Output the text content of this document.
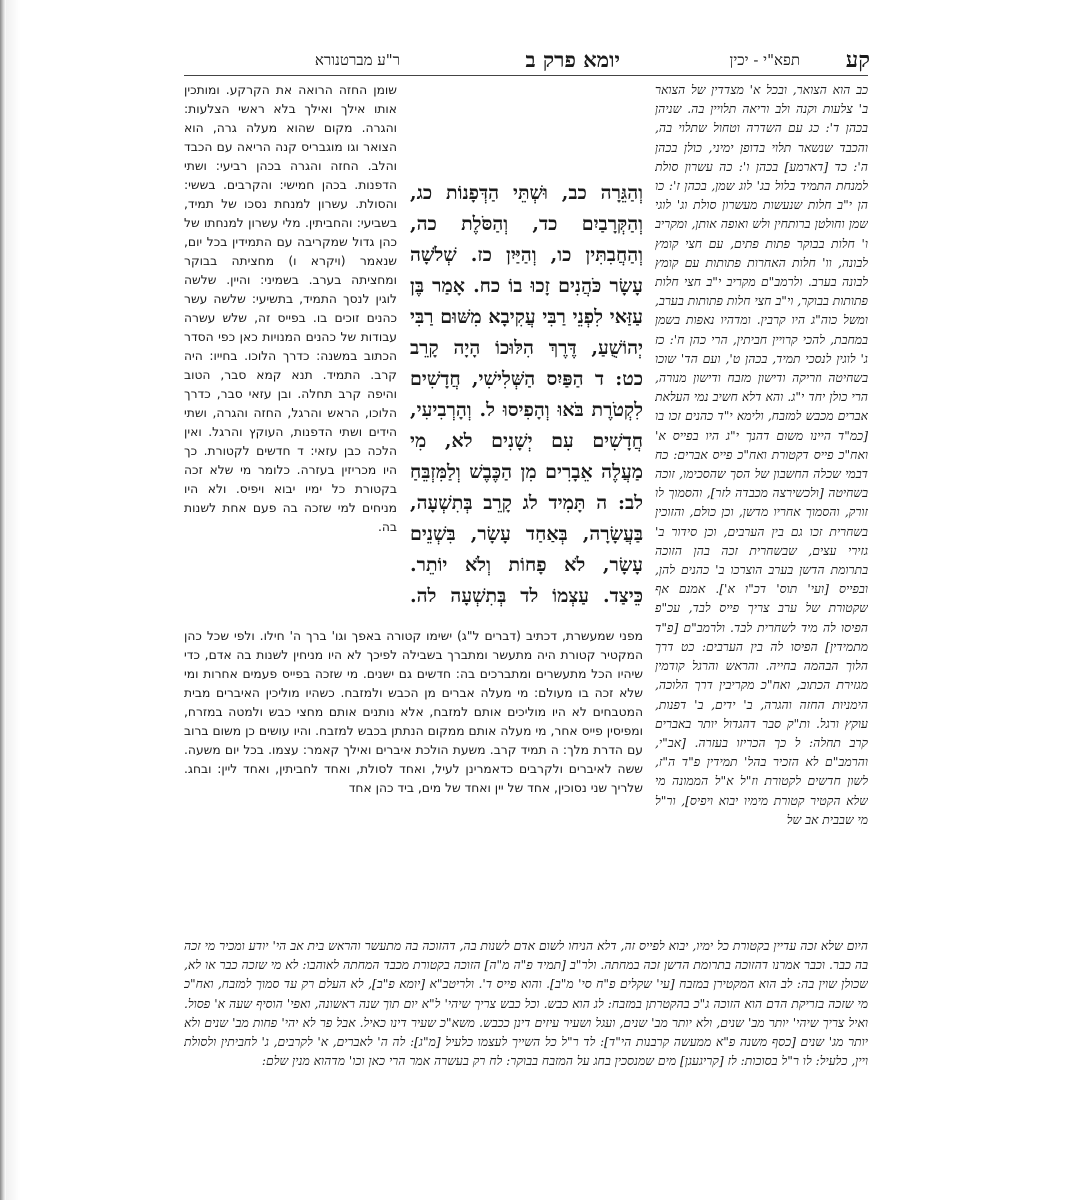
קע
תפא"י - יכין
יומא פרק ב
ר"ע מברטנורא

כב הוא הצואר, ובכל א' מצדדין של הצואר ב' צלעות וקנה ולב וריאה תלויין בה. שניהן בכהן ד': כג עם השדרה וטחול שתלוי בה, והכבד שנשאר תלוי בדופן ימיני, כולן בכהן ה': כד [דארמע] בכהן ו': כה עשרון סולת למנחת התמיד בלול בג' לוג שמן, בכהן ז': כו הן י"ב חלות שנעשות מעשרון סולת וג' לוגי שמן וחולטן ברותחין ולש ואופה אותן, ומקריב ו' חלות בבוקר פתות פתים, עם חצי קומץ לבונה, וו' חלות האחרות פתותות עם קומץ לבונה בערב. ולרמב"ם מקריב י"ב חצי חלות פתותות בבוקר, וי"ב חצי חלות פתותות בערב, ומשל כוה"ג היו קרבין. ומדהיו נאפות בשמן במחבת, להכי קרויין חביתין, הרי כהן ח': כז ג' לוגין לנסכי תמיד, בכהן ט', ועם הד' שוכו בשחיטה וזריקה ודישון מזבח ודישון מנורה, הרי כולן יחד י"ג. והא דלא חשיב נמי העלאת אברים מכבש למזבח, ולימא י"ד כהנים זכו בו [כמ"ד היינו משום דהנך י"ג היו בפייס א' ואח"כ פייס דקטורת ואח"כ פייס אברים: כח דבמי שכלה החשבון של הסך שהסכימו, זוכה בשחיטה [ולכשירצה מכבדה לזר], והסמוך לו זורק, והסמוך אחריו מדשן, וכן כולם, והזוכין בשחרית זכו גם בין הערבים, וכן סידור ב' גזירי עצים, שבשחרית זכה בהן הזוכה בתרומת הדשן בערב הוצרכו ב' כהנים להן, ובפייס [ועי' תוס' דכ"ו א']. אמנם אף שקטורת של ערב צריך פייס לבד, עכ"פ הפיסו לה מיד לשחרית לבד. ולרמב"ם [פ"ד מתמידין] הפיסו לה בין הערבים: כט דרך הלוך הבהמה בחייה. והראש והרגל קודמין מגזירת הכתוב, ואח"כ מקריבין דרך הלוכה, הימניות החזה והגרה, ב' ידים, ב' דפנות, עוקץ ורגל. ות"ק סבר דהגדול יותר באברים קרב תחלה: ל כך הכריזו בעזרה. [אב"י, והרמב"ם לא הזכיר בהל' תמידין פ"ד ה"ז, לשון חדשים לקטורת וז"ל א"ל הממונה מי שלא הקטיר קטורת מימיו יבוא ויפיס], ור"ל מי שבבית אב של

וְהַגֵּרָה כב, וּשְׁתֵּי הַדְּפָנוֹת כג, וְהַקְּרָבַיִם כד, וְהַסֹּלֶת כה, וְהַחֲבִתִּין כו, וְהַיַּיִן כז. שְׁלֹשָׁה עָשָׂר כֹּהֲנִים זָכוּ בוֹ כח. אָמַר בֶּן עַזַּאי לִפְנֵי רַבִּי עֲקִיבָא מִשּׁוּם רַבִּי יְהוֹשֻׁעַ, דֶּרֶךְ הִלּוּכוֹ הָיָה קָרֵב כט: ד הַפַּיִס הַשְּׁלִישִׁי, חֲדָשִׁים לִקְטֹרֶת בֹּאוּ וְהָפִיסוּ ל. וְהָרְבִיעִי, חֲדָשִׁים עִם יְשָׁנִים לא, מִי מַעֲלֶה אֵבָרִים מִן הַכֶּבֶשׁ וְלַמִּזְבֵּחַ לב: ה תָּמִיד לג קָרֵב בְּתִשְׁעָה, בַּעֲשָׂרָה, בְּאַחַד עָשָׂר, בִּשְׁנֵים עָשָׂר, לֹא פָחוֹת וְלֹא יוֹתֵר. כֵּיצַד. עַצְמוֹ לד בְּתִשְׁעָה לה.

שומן החזה הרואה את הקרקע. ומותכין אותו אילך ואילך בלא ראשי הצלעות: והגרה. מקום שהוא מעלה גרה, הוא הצואר וגו מוגבריס קנה הריאה עם הכבד והלב. החזה והגרה בכהן רביעי: ושתי הדפנות. בכהן חמישי: והקרבים. בששי: והסולת. עשרון למנחת נסכו של תמיד, בשביעי: והחביתין. מלי עשרון למנחתו של כהן גדול שמקריבה עם התמידין בכל יום, שנאמר (ויקרא ו) מחציתה בבוקר ומחציתה בערב. בשמיני: והיין. שלשה לוגין לנסך התמיד, בתשיעי: שלשה עשר כהנים זוכים בו. בפייס זה, שלש עשרה עבודות של כהנים המנויות כאן כפי הסדר הכתוב במשנה: כדרך הלוכו. בחייו: היה קרב. התמיד. תנא קמא סבר, הטוב והיפה קרב תחלה. ובן עזאי סבר, כדרך הלוכו, הראש והרגל, החזה והגרה, ושתי הידים ושתי הדפנות, העוקץ והרגל. ואין הלכה כבן עזאי: ד חדשים לקטורת. כך היו מכריזין בעזרה. כלומר מי שלא זכה בקטורת כל ימיו יבוא ויפיס. ולא היו מניחים למי שזכה בה פעם אחת לשנות בה.

מפני שמעשרת, דכתיב (דברים ל"ג) ישימו קטורה באפך וגו' ברך ה' חילו. ולפי שכל כהן המקטיר קטורת היה מתעשר ומתברך בשבילה לפיכך לא היו מניחין לשנות בה אדם, כדי שיהיו הכל מתעשרים ומתברכים בה: חדשים גם ישנים. מי שזכה בפייס פעמים אחרות ומי שלא זכה בו מעולם: מי מעלה אברים מן הכבש ולמזבח. כשהיו מוליכין האיברים מבית המטבחים לא היו מוליכים אותם למזבח, אלא נותנים אותם מחצי כבש ולמטה במזרח, ומפיסין פייס אחר, מי מעלה אותם ממקום הנתתן בכבש למזבח. והיו עושים כן משום ברוב עם הדרת מלך: ה תמיד קרב. משעת הולכת איברים ואילך קאמר: עצמו. בכל יום משעה. ששה לאיברים ולקרבים כדאמרינן לעיל, ואחד לסולת, ואחד לחביתין, ואחד ליין: ובחג. שלריך שני נסוכין, אחד של יין ואחד של מים, ביד כהן אחד

היום שלא זכה עדיין בקטורת כל ימיו, יבוא לפייס זה, דלא הניחו לשום אדם לשנות בה, דהזוכה בה מתעשר והראש בית אב הי' יודע ומכיר מי זכה בה כבר. וכבר אמרנו דהזוכה בתרומת הדשן זכה במחתה. ולר"ב [תמיד פ"ה מ"ה] הזוכה בקטורת מכבד המחתה לאוהבו: לא מי שזכה כבר או לא, שכולן שוין בה: לב הוא המקטירן במזבח [עי' שקלים פ"ח סי' מ"ב]. והוא פייס ד'. ולריטב"א [יומא פ"ב], לא העלם רק עד סמוך למזבח, ואח"כ מי שזכה בזריקת הדם הוא הזוכה ג"כ בהקטרתן במזבח: לג הוא כבש. וכל כבש צריך שיהי' ל"א יום תוך שנה ראשונה, ואפי' הוסיף שעה א' פסול. ואיל צריך שיהי' יותר מב' שנים, ולא יותר מב' שנים, ועגל ושעיר עיזים דינן ככבש. משא"כ שעיר דינו כאיל. אבל פר לא יהי' פחות מב' שנים ולא יותר מג' שנים [כסף משנה פ"א ממעשה קרבנות הי"ד]: לד ר"ל כל השייך לעצמו כלעיל [מ"ג]: לה ה' לאברים, א' לקרבים, ג' לחביתין ולסולת ויין, כלעיל: לו ר"ל בסוכות: לז [קריגעגן] מים שמנסכין בחג על המזבח בבוקר: לח רק בעשרה אמר הרי כאן וכו' מדהוא מנין שלם:
